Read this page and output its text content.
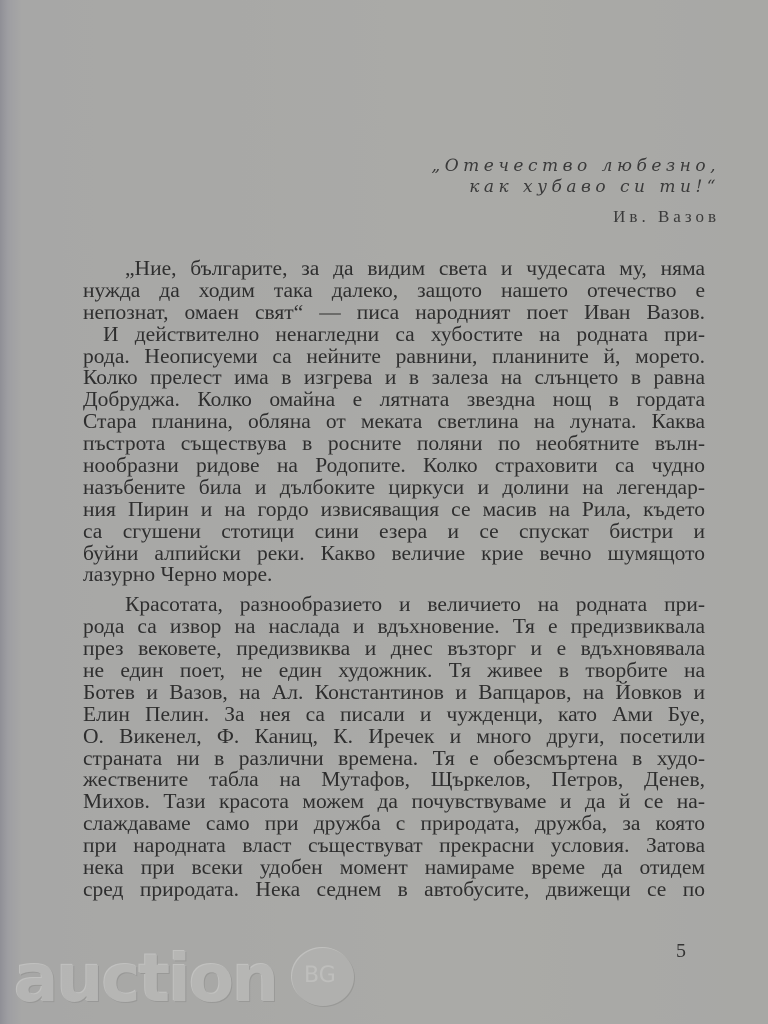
„Отечество любезно,
как хубаво си ти!“
Ив. Вазов
„Ние, българите, за да видим света и чудесата му, няма
нужда да ходим така далеко, защото нашето отечество е
непознат, омаен свят“ — писа народният поет Иван Вазов.
И действително ненагледни са хубостите на родната при-
рода. Неописуеми са нейните равнини, планините й, морето.
Колко прелест има в изгрева и в залеза на слънцето в равна
Добруджа. Колко омайна е лятната звездна нощ в гордата
Стара планина, обляна от меката светлина на луната. Каква
пъстрота съществува в росните поляни по необятните вълн-
нообразни ридове на Родопите. Колко страховити са чудно
назъбените била и дълбоките циркуси и долини на легендар-
ния Пирин и на гордо извисяващия се масив на Рила, където
са сгушени стотици сини езера и се спускат бистри и
буйни алпийски реки. Какво величие крие вечно шумящото
лазурно Черно море.
Красотата, разнообразието и величието на родната при-
рода са извор на наслада и вдъхновение. Тя е предизвиквала
през вековете, предизвиква и днес възторг и е вдъхновявала
не един поет, не един художник. Тя живее в творбите на
Ботев и Вазов, на Ал. Константинов и Вапцаров, на Йовков и
Елин Пелин. За нея са писали и чужденци, като Ами Буе,
О. Викенел, Ф. Каниц, К. Иречек и много други, посетили
страната ни в различни времена. Тя е обезсмъртена в худо-
жествените табла на Мутафов, Щъркелов, Петров, Денев,
Михов. Тази красота можем да почувствуваме и да й се на-
слаждаваме само при дружба с природата, дружба, за която
при народната власт съществуват прекрасни условия. Затова
нека при всеки удобен момент намираме време да отидем
сред природата. Нека седнем в автобусите, движещи се по
5
auction BG
